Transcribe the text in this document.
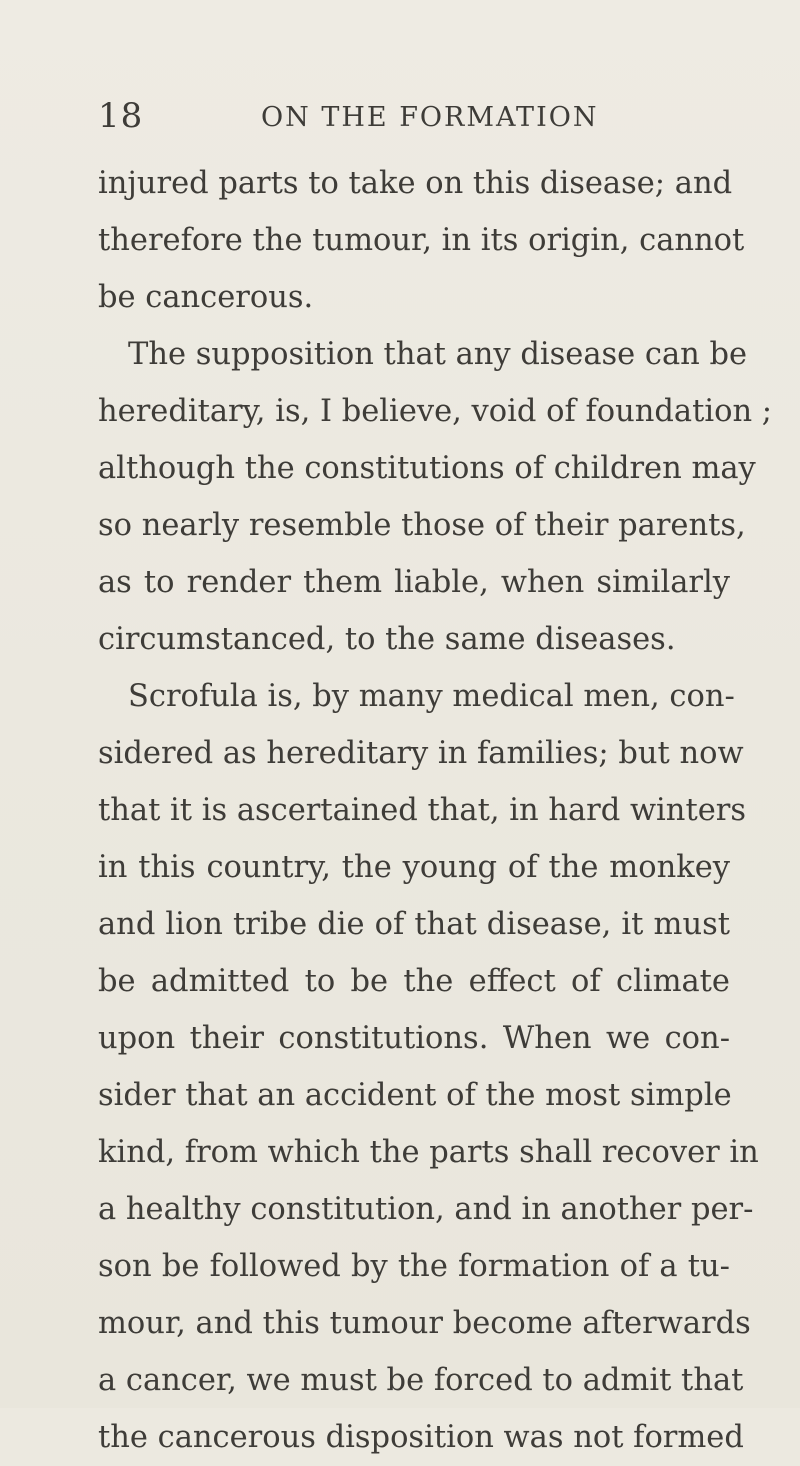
18	ON THE FORMATION
injured parts to take on this disease; and
therefore the tumour, in its origin, cannot
be cancerous.
The supposition that any disease can be
hereditary, is, I believe, void of foundation ;
although the constitutions of children may
so nearly resemble those of their parents,
as to render them liable, when similarly
circumstanced, to the same diseases.
Scrofula is, by many medical men, con-
sidered as hereditary in families; but now
that it is ascertained that, in hard winters
in this country, the young of the monkey
and lion tribe die of that disease, it must
be admitted to be the effect of climate
upon their constitutions. When we con-
sider that an accident of the most simple
kind, from which the parts shall recover in
a healthy constitution, and in another per-
son be followed by the formation of a tu-
mour, and this tumour become afterwards
a cancer, we must be forced to admit that
the cancerous disposition was not formed
